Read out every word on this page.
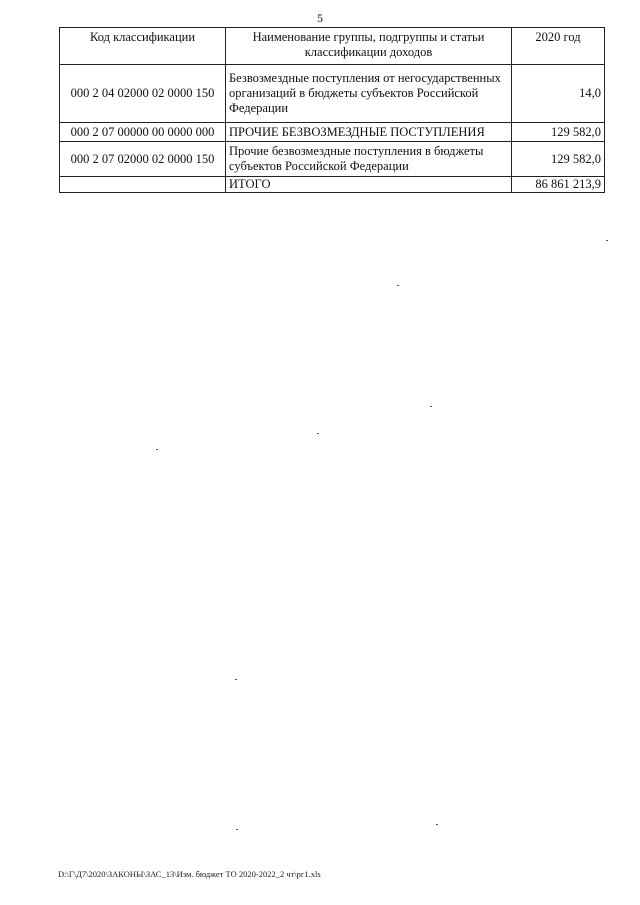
5
Код классификации	Наименование группы, подгруппы и статьи классификации доходов	2020 год
000 2 04 02000 02 0000 150	Безвозмездные поступления от негосударственных организаций в бюджеты субъектов Российской Федерации	14,0
000 2 07 00000 00 0000 000	ПРОЧИЕ БЕЗВОЗМЕЗДНЫЕ ПОСТУПЛЕНИЯ	129 582,0
000 2 07 02000 02 0000 150	Прочие безвозмездные поступления в бюджеты субъектов Российской Федерации	129 582,0
	ИТОГО	86 861 213,9
D:\Г\Д7\2020\ЗАКОНЫ\ЗАС_13\Изм. бюджет ТО 2020-2022_2 чт\рг1.xls
